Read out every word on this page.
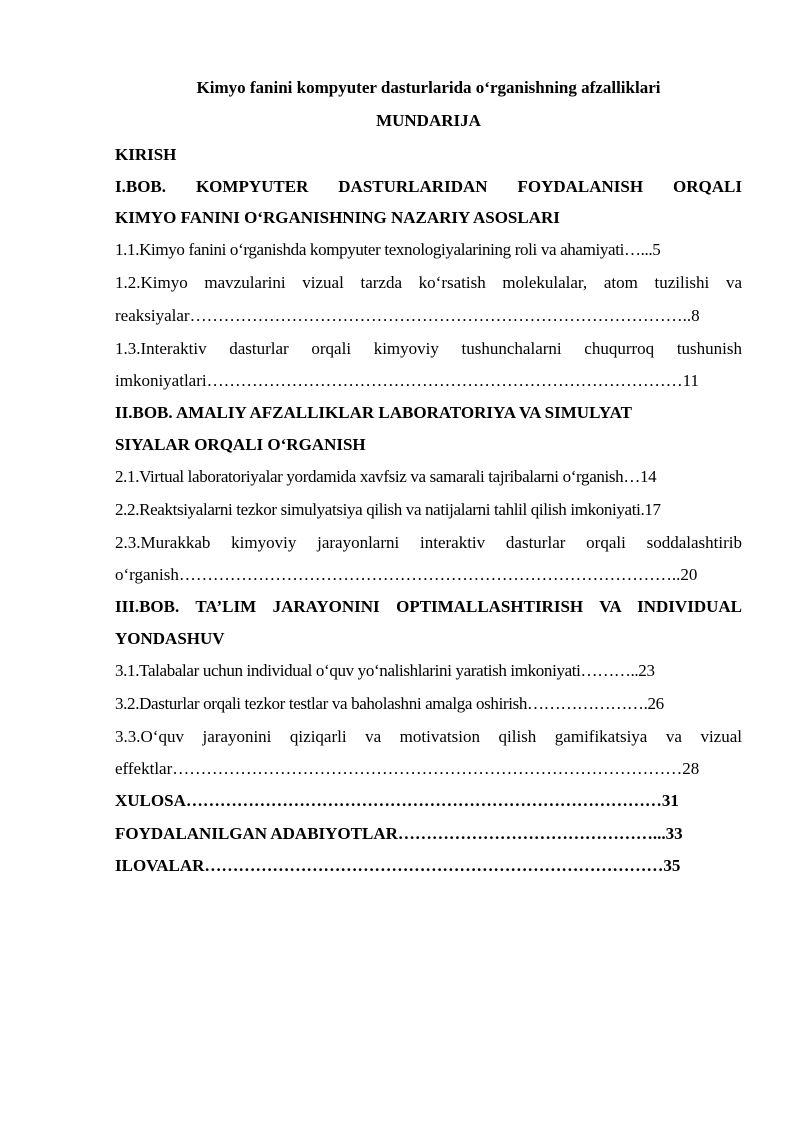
Kimyo fanini kompyuter dasturlarida o‘rganishning afzalliklari
MUNDARIJA
KIRISH
I.BOB. KOMPYUTER DASTURLARIDAN FOYDALANISH ORQALI
KIMYO FANINI O‘RGANISHNING NAZARIY ASOSLARI
1.1.Kimyo fanini o‘rganishda kompyuter texnologiyalarining roli va ahamiyati…...5
1.2.Kimyo mavzularini vizual tarzda ko‘rsatish molekulalar, atom tuzilishi va
reaksiyalar……………………………………………………………………………..8
1.3.Interaktiv dasturlar orqali kimyoviy tushunchalarni chuqurroq tushunish
imkoniyatlari…………………………………………………………………………11
II.BOB. AMALIY AFZALLIKLAR LABORATORIYA VA SIMULYAT
SIYALAR ORQALI O‘RGANISH
2.1.Virtual laboratoriyalar yordamida xavfsiz va samarali tajribalarni o‘rganish…14
2.2.Reaktsiyalarni tezkor simulyatsiya qilish va natijalarni tahlil qilish imkoniyati.17
2.3.Murakkab kimyoviy jarayonlarni interaktiv dasturlar orqali soddalashtirib
o‘rganish……………………………………………………………………………..20
III.BOB. TA’LIM JARAYONINI OPTIMALLASHTIRISH VA INDIVIDUAL
YONDASHUV
3.1.Talabalar uchun individual o‘quv yo‘nalishlarini yaratish imkoniyati………..23
3.2.Dasturlar orqali tezkor testlar va baholashni amalga oshirish………………….26
3.3.O‘quv jarayonini qiziqarli va motivatsion qilish gamifikatsiya va vizual
effektlar………………………………………………………………………………28
XULOSA…………………………………………………………………………31
FOYDALANILGAN ADABIYOTLAR………………………………………...33
ILOVALAR………………………………………………………………………35
